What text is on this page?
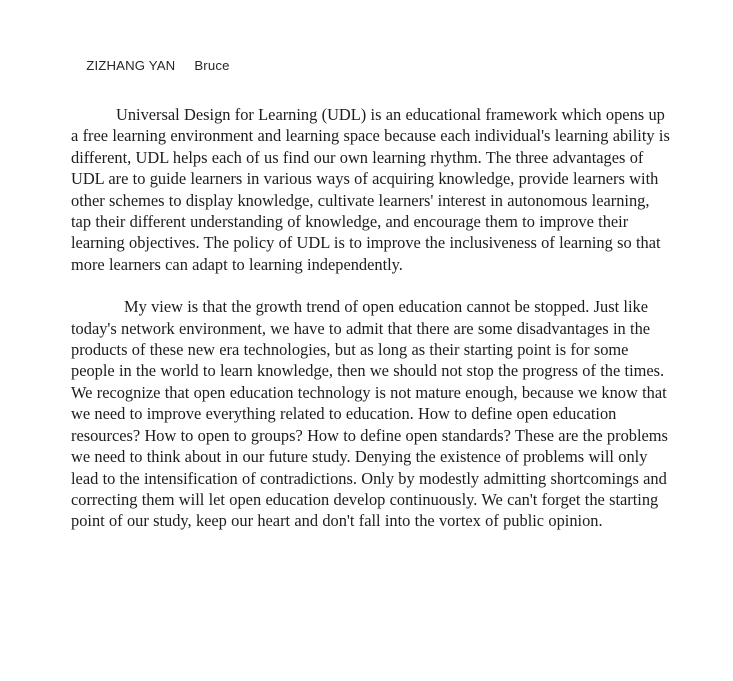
ZIZHANG YAN Bruce

Universal Design for Learning (UDL) is an educational framework which opens up a free learning environment and learning space because each individual's learning ability is different, UDL helps each of us find our own learning rhythm. The three advantages of UDL are to guide learners in various ways of acquiring knowledge, provide learners with other schemes to display knowledge, cultivate learners' interest in autonomous learning, tap their different understanding of knowledge, and encourage them to improve their learning objectives. The policy of UDL is to improve the inclusiveness of learning so that more learners can adapt to learning independently.

My view is that the growth trend of open education cannot be stopped. Just like today's network environment, we have to admit that there are some disadvantages in the products of these new era technologies, but as long as their starting point is for some people in the world to learn knowledge, then we should not stop the progress of the times. We recognize that open education technology is not mature enough, because we know that we need to improve everything related to education. How to define open education resources? How to open to groups? How to define open standards? These are the problems we need to think about in our future study. Denying the existence of problems will only lead to the intensification of contradictions. Only by modestly admitting shortcomings and correcting them will let open education develop continuously. We can't forget the starting point of our study, keep our heart and don't fall into the vortex of public opinion.
